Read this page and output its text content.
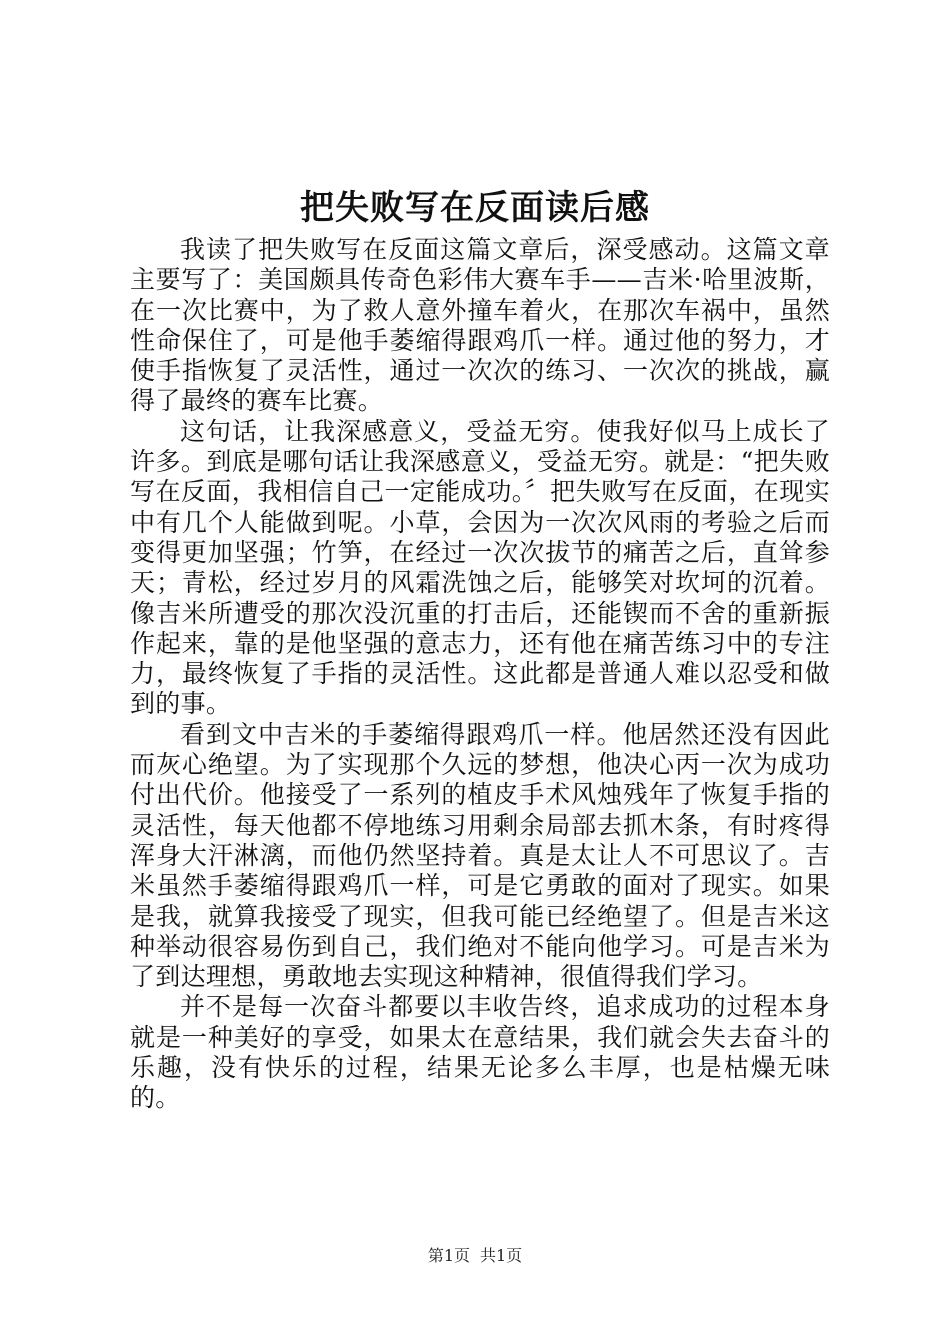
把失败写在反面读后感

我读了把失败写在反面这篇文章后，深受感动。这篇文章主要写了：美国颇具传奇色彩伟大赛车手——吉米·哈里波斯，在一次比赛中，为了救人意外撞车着火，在那次车祸中，虽然性命保住了，可是他手萎缩得跟鸡爪一样。通过他的努力，才使手指恢复了灵活性，通过一次次的练习、一次次的挑战，赢得了最终的赛车比赛。

这句话，让我深感意义，受益无穷。使我好似马上成长了许多。到底是哪句话让我深感意义，受益无穷。就是：“把失败写在反面，我相信自己一定能成功。〞把失败写在反面，在现实中有几个人能做到呢。小草，会因为一次次风雨的考验之后而变得更加坚强；竹笋，在经过一次次拔节的痛苦之后，直耸参天；青松，经过岁月的风霜洗蚀之后，能够笑对坎坷的沉着。像吉米所遭受的那次没沉重的打击后，还能锲而不舍的重新振作起来，靠的是他坚强的意志力，还有他在痛苦练习中的专注力，最终恢复了手指的灵活性。这此都是普通人难以忍受和做到的事。

看到文中吉米的手萎缩得跟鸡爪一样。他居然还没有因此而灰心绝望。为了实现那个久远的梦想，他决心丙一次为成功付出代价。他接受了一系列的植皮手术风烛残年了恢复手指的灵活性，每天他都不停地练习用剩余局部去抓木条，有时疼得浑身大汗淋漓，而他仍然坚持着。真是太让人不可思议了。吉米虽然手萎缩得跟鸡爪一样，可是它勇敢的面对了现实。如果是我，就算我接受了现实，但我可能已经绝望了。但是吉米这种举动很容易伤到自己，我们绝对不能向他学习。可是吉米为了到达理想，勇敢地去实现这种精神，很值得我们学习。

并不是每一次奋斗都要以丰收告终，追求成功的过程本身就是一种美好的享受，如果太在意结果，我们就会失去奋斗的乐趣，没有快乐的过程，结果无论多么丰厚，也是枯燥无味的。

第1页 共1页
